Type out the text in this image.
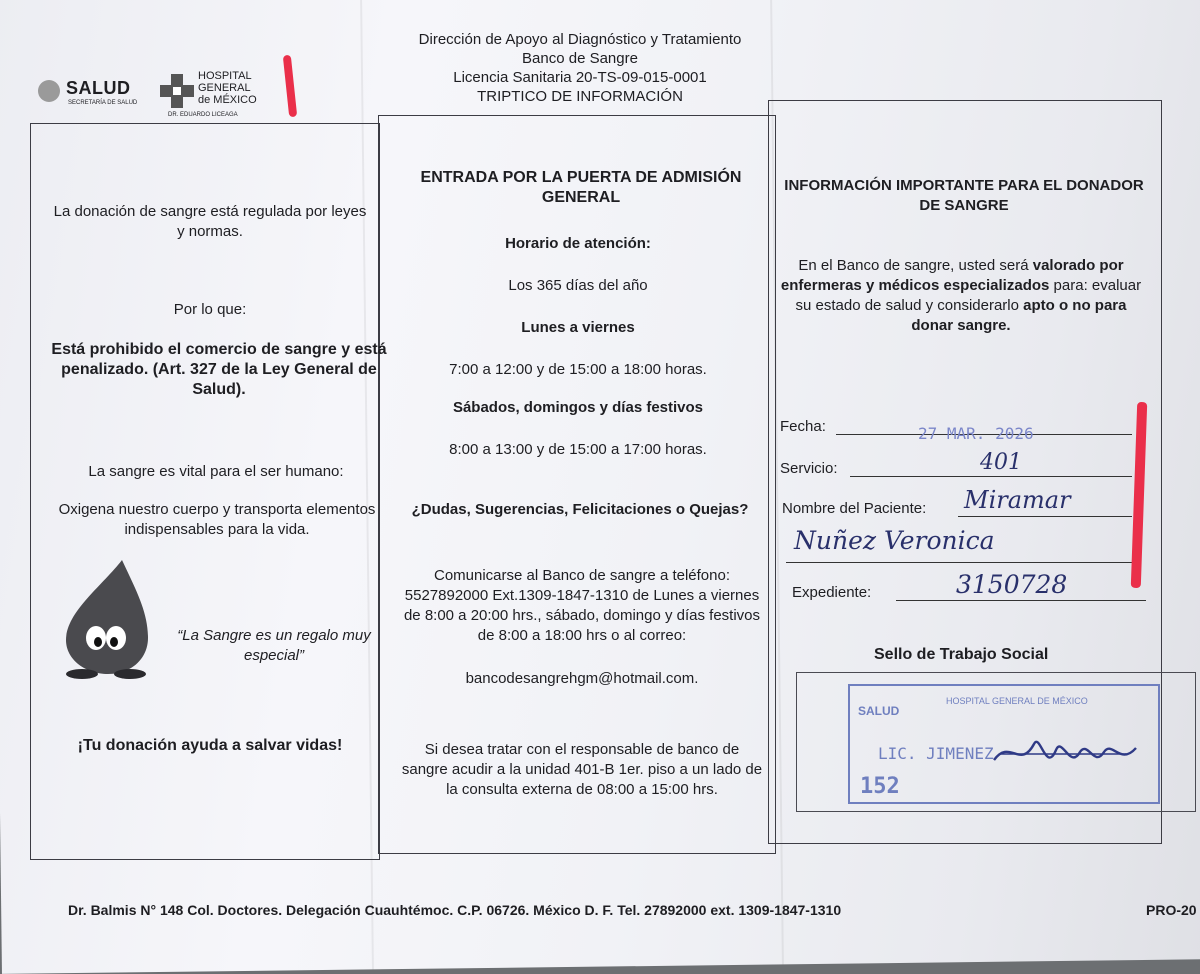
SALUD
SECRETARÍA DE SALUD
HOSPITAL
GENERAL
de MÉXICO
DR. EDUARDO LICEAGA
Dirección de Apoyo al Diagnóstico y Tratamiento
Banco de Sangre
Licencia Sanitaria 20-TS-09-015-0001
TRIPTICO DE INFORMACIÓN
La donación de sangre está regulada por leyes y normas.
Por lo que:
Está prohibido el comercio de sangre y está penalizado. (Art. 327 de la Ley General de Salud).
La sangre es vital para el ser humano:
Oxigena nuestro cuerpo y transporta elementos indispensables para la vida.
“La Sangre es un regalo muy especial”
¡Tu donación ayuda a salvar vidas!
ENTRADA POR LA PUERTA DE ADMISIÓN GENERAL
Horario de atención:
Los 365 días del año
Lunes a viernes
7:00 a 12:00 y de 15:00 a 18:00 horas.
Sábados, domingos y días festivos
8:00 a 13:00 y de 15:00 a 17:00 horas.
¿Dudas, Sugerencias, Felicitaciones o Quejas?
Comunicarse al Banco de sangre a teléfono: 5527892000 Ext.1309-1847-1310 de Lunes a viernes de 8:00 a 20:00 hrs., sábado, domingo y días festivos de 8:00 a 18:00 hrs o al correo:
bancodesangrehgm@hotmail.com.
Si desea tratar con el responsable de banco de sangre acudir a la unidad 401-B 1er. piso a un lado de la consulta externa de 08:00 a 15:00 hrs.
INFORMACIÓN IMPORTANTE PARA EL DONADOR DE SANGRE
En el Banco de sangre, usted será valorado por enfermeras y médicos especializados para: evaluar su estado de salud y considerarlo apto o no para donar sangre.
Fecha:	27 MAR. 2026
Servicio:	401
Nombre del Paciente: Miramar
Nuñez Veronica
Expediente:	3150728
Sello de Trabajo Social
SALUD
HOSPITAL GENERAL DE MÉXICO
LIC. JIMENEZ
152
Dr. Balmis N° 148 Col. Doctores. Delegación Cuauhtémoc. C.P. 06726. México D. F. Tel. 27892000 ext. 1309-1847-1310	PRO-20
